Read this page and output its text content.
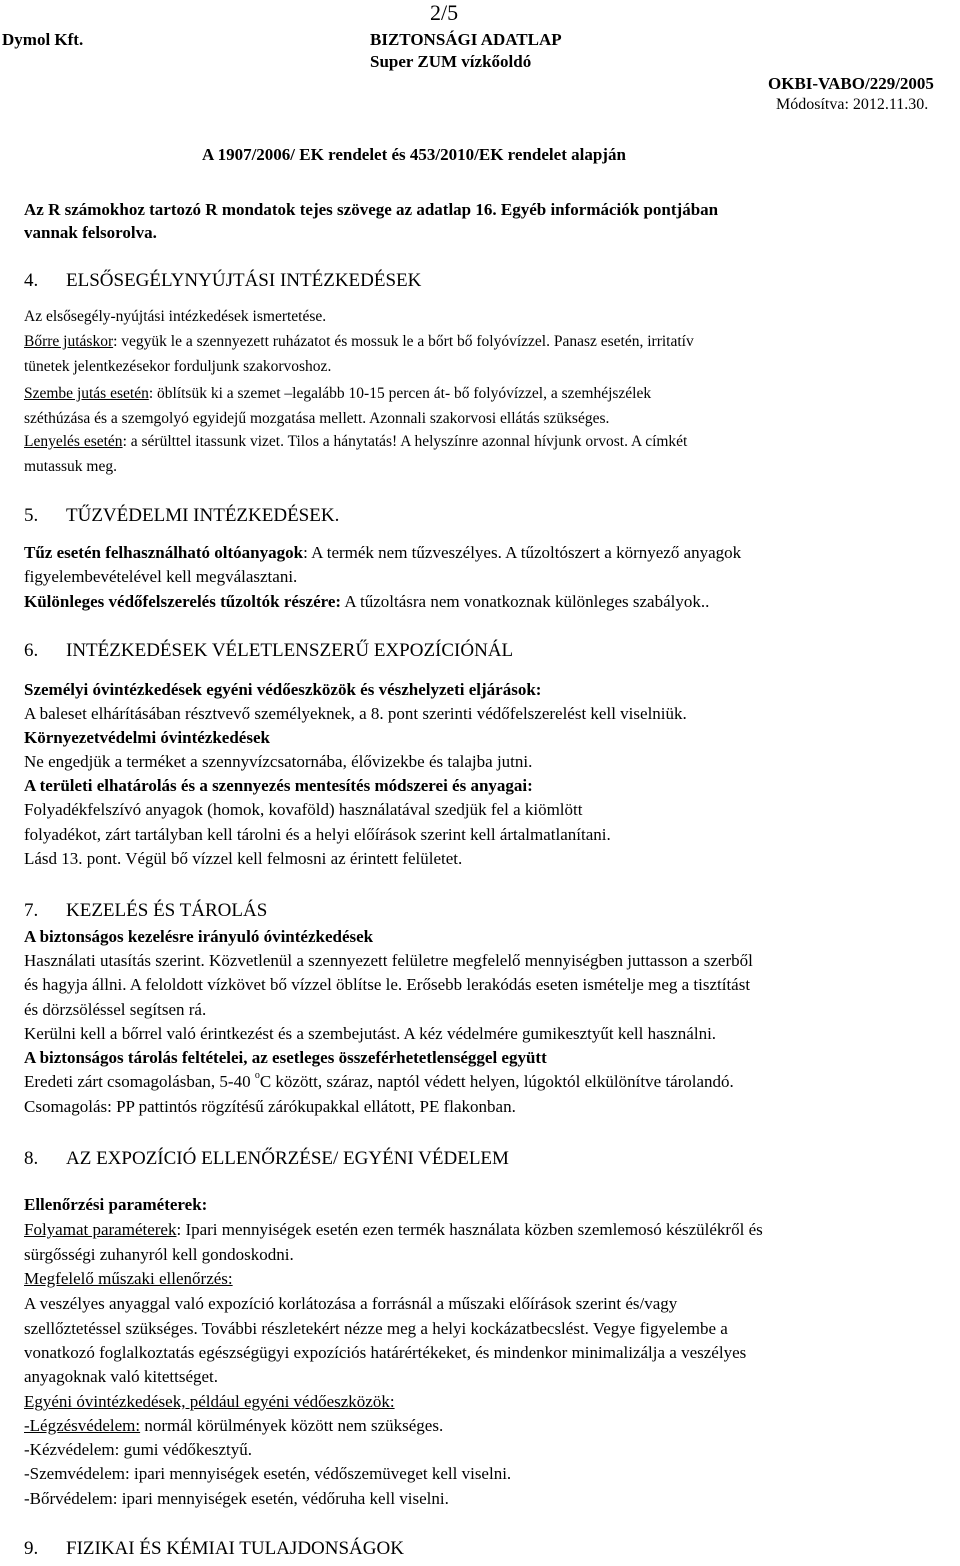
2/5
Dymol Kft.	BIZTONSÁGI ADATLAP
Super ZUM vízkőoldó
OKBI-VABO/229/2005
Módosítva: 2012.11.30.
A 1907/2006/ EK rendelet és 453/2010/EK rendelet alapján
Az R számokhoz tartozó R mondatok tejes szövege az adatlap 16. Egyéb információk pontjában
vannak felsorolva.
4. ELSŐSEGÉLYNYÚJTÁSI INTÉZKEDÉSEK
Az elsősegély-nyújtási intézkedések ismertetése.
Bőrre jutáskor: vegyük le a szennyezett ruházatot és mossuk le a bőrt bő folyóvízzel. Panasz esetén, irritatív
tünetek jelentkezésekor forduljunk szakorvoshoz.
Szembe jutás esetén: öblítsük ki a szemet –legalább 10-15 percen át- bő folyóvízzel, a szemhéjszélek
széthúzása és a szemgolyó egyidejű mozgatása mellett. Azonnali szakorvosi ellátás szükséges.
Lenyelés esetén: a sérülttel itassunk vizet. Tilos a hánytatás! A helyszínre azonnal hívjunk orvost. A címkét
mutassuk meg.
5. TŰZVÉDELMI INTÉZKEDÉSEK.
Tűz esetén felhasználható oltóanyagok: A termék nem tűzveszélyes. A tűzoltószert a környező anyagok
figyelembevételével kell megválasztani.
Különleges védőfelszerelés tűzoltók részére: A tűzoltásra nem vonatkoznak különleges szabályok..
6. INTÉZKEDÉSEK VÉLETLENSZERŰ EXPOZÍCIÓNÁL
Személyi óvintézkedések egyéni védőeszközök és vészhelyzeti eljárások:
A baleset elhárításában résztvevő személyeknek, a 8. pont szerinti védőfelszerelést kell viselniük.
Környezetvédelmi óvintézkedések
Ne engedjük a terméket a szennyvízcsatornába, élővizekbe és talajba jutni.
A területi elhatárolás és a szennyezés mentesítés módszerei és anyagai:
Folyadékfelszívó anyagok (homok, kovaföld) használatával szedjük fel a kiömlött
folyadékot, zárt tartályban kell tárolni és a helyi előírások szerint kell ártalmatlanítani.
Lásd 13. pont. Végül bő vízzel kell felmosni az érintett felületet.
7. KEZELÉS ÉS TÁROLÁS
A biztonságos kezelésre irányuló óvintézkedések
Használati utasítás szerint. Közvetlenül a szennyezett felületre megfelelő mennyiségben juttasson a szerből
és hagyja állni. A feloldott vízkövet bő vízzel öblítse le. Erősebb lerakódás eseten ismételje meg a tisztítást
és dörzsöléssel segítsen rá.
Kerülni kell a bőrrel való érintkezést és a szembejutást. A kéz védelmére gumikesztyűt kell használni.
A biztonságos tárolás feltételei, az esetleges összeférhetetlenséggel együtt
Eredeti zárt csomagolásban, 5-40 $^o$C között, száraz, naptól védett helyen, lúgoktól elkülönítve tárolandó.
Csomagolás: PP pattintós rögzítésű zárókupakkal ellátott, PE flakonban.
8. AZ EXPOZÍCIÓ ELLENŐRZÉSE/ EGYÉNI VÉDELEM
Ellenőrzési paraméterek:
Folyamat paraméterek: Ipari mennyiségek esetén ezen termék használata közben szemlemosó készülékről és
sürgősségi zuhanyról kell gondoskodni.
Megfelelő műszaki ellenőrzés:
A veszélyes anyaggal való expozíció korlátozása a forrásnál a műszaki előírások szerint és/vagy
szellőztetéssel szükséges. További részletekért nézze meg a helyi kockázatbecslést. Vegye figyelembe a
vonatkozó foglalkoztatás egészségügyi expozíciós határértékeket, és mindenkor minimalizálja a veszélyes
anyagoknak való kitettséget.
Egyéni óvintézkedések, például egyéni védőeszközök:
-Légzésvédelem: normál körülmények között nem szükséges.
-Kézvédelem: gumi védőkesztyű.
-Szemvédelem: ipari mennyiségek esetén, védőszemüveget kell viselni.
-Bőrvédelem: ipari mennyiségek esetén, védőruha kell viselni.
9. FIZIKAI ÉS KÉMIAI TULAJDONSÁGOK
